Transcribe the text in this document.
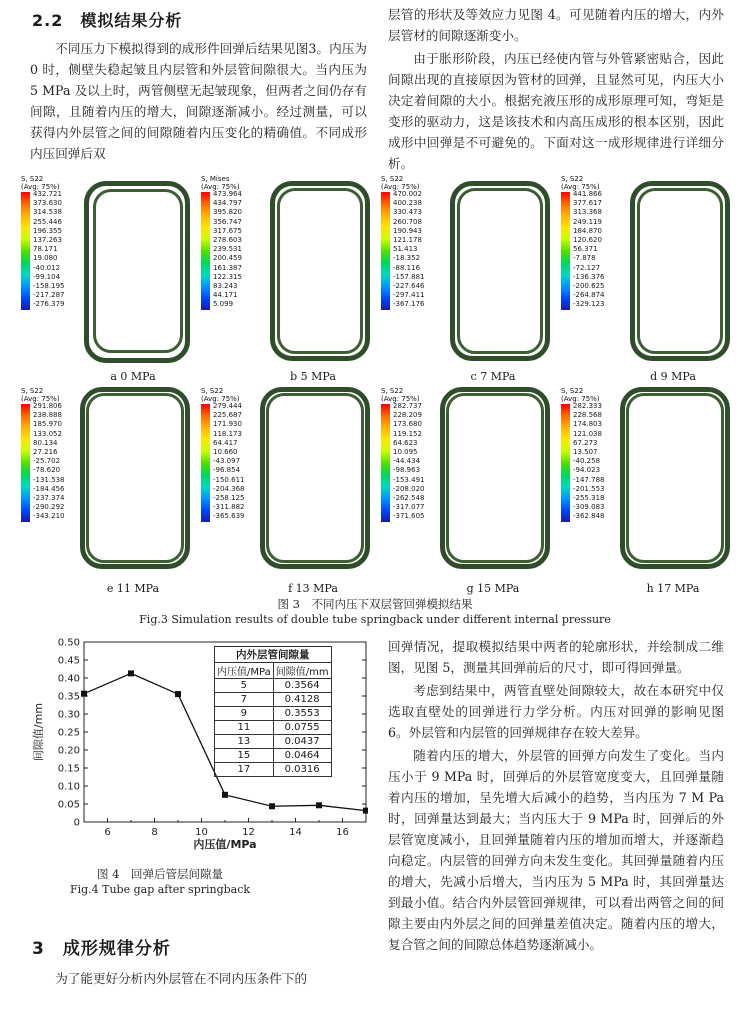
2.2　模拟结果分析

不同压力下模拟得到的成形件回弹后结果见图3。内压为 0 时，侧壁失稳起皱且内层管和外层管间隙很大。当内压为 5 MPa 及以上时，两管侧壁无起皱现象，但两者之间仍存有间隙，且随着内压的增大，间隙逐渐减小。经过测量，可以获得内外层管之间的间隙随着内压变化的精确值。不同成形内压回弹后双

层管的形状及等效应力见图 4。可见随着内压的增大，内外层管材的间隙逐渐变小。

由于胀形阶段，内压已经使内管与外管紧密贴合，因此间隙出现的直接原因为管材的回弹，且显然可见，内压大小决定着间隙的大小。根据充液压形的成形原理可知，弯矩是变形的驱动力，这是该技术和内高压成形的根本区别，因此成形中回弹是不可避免的。下面对这一成形规律进行详细分析。

S, S22
(Avg: 75%)
432.721
373.630
314.538
255.446
196.355
137.263
78.171
19.080
-40.012
-99.104
-158.195
-217.287
-276.379
a 0 MPa
S, Mises
(Avg: 75%)
473.964
434.797
395.820
356.747
317.675
278.603
239.531
200.459
161.387
122.315
83.243
44.171
5.099
b 5 MPa
S, S22
(Avg: 75%)
470.002
400.238
330.473
260.708
190.943
121.178
51.413
-18.352
-88.116
-157.881
-227.646
-297.411
-367.176
c 7 MPa
S, S22
(Avg: 75%)
441.866
377.617
313.368
249.119
184.870
120.620
56.371
-7.878
-72.127
-136.376
-200.625
-264.874
-329.123
d 9 MPa
S, S22
(Avg: 75%)
291.806
238.888
185.970
133.052
80.134
27.216
-25.702
-78.620
-131.538
-184.456
-237.374
-290.292
-343.210
e 11 MPa
S, S22
(Avg: 75%)
279.444
225.687
171.930
118.173
64.417
10.660
-43.097
-96.854
-150.611
-204.368
-258.125
-311.882
-365.639
f 13 MPa
S, S22
(Avg: 75%)
282.737
228.209
173.680
119.152
64.623
10.095
-44.434
-98.963
-153.491
-208.020
-262.548
-317.077
-371.605
g 15 MPa
S, S22
(Avg: 75%)
282.333
228.568
174.803
121.038
67.273
13.507
-40.258
-94.023
-147.788
-201.553
-255.318
-309.083
-362.848
h 17 MPa
图 3　不同内压下双层管回弹模拟结果
Fig.3 Simulation results of double tube springback under different internal pressure
0
0.05
0.10
0.15
0.20
0.25
0.30
0.35
0.40
0.45
0.50
6	8	10	12	14	16
内压值/MPa
间隙值/mm
内外层管间隙量	
内压值/MPa	间隙值/mm
5	0.3564
7	0.4128
9	0.3553
11	0.0755
13	0.0437
15	0.0464
17	0.0316
图 4　回弹后管层间隙量
Fig.4 Tube gap after springback
3　成形规律分析

为了能更好分析内外层管在不同内压条件下的

回弹情况，提取模拟结果中两者的轮廓形状，并绘制成二维图，见图 5，测量其回弹前后的尺寸，即可得回弹量。

考虑到结果中，两管直壁处间隙较大，故在本研究中仅选取直壁处的回弹进行力学分析。内压对回弹的影响见图 6。外层管和内层管的回弹规律存在较大差异。

随着内压的增大，外层管的回弹方向发生了变化。当内压小于 9 MPa 时，回弹后的外层管宽度变大，且回弹量随着内压的增加，呈先增大后减小的趋势，当内压为 7 M Pa 时，回弹量达到最大；当内压大于 9 MPa 时，回弹后的外层管宽度减小，且回弹量随着内压的增加而增大，并逐渐趋向稳定。内层管的回弹方向未发生变化。其回弹量随着内压的增大，先减小后增大，当内压为 5 MPa 时，其回弹量达到最小值。结合内外层管回弹规律，可以看出两管之间的间隙主要由内外层之间的回弹量差值决定。随着内压的增大，复合管之间的间隙总体趋势逐渐减小。
